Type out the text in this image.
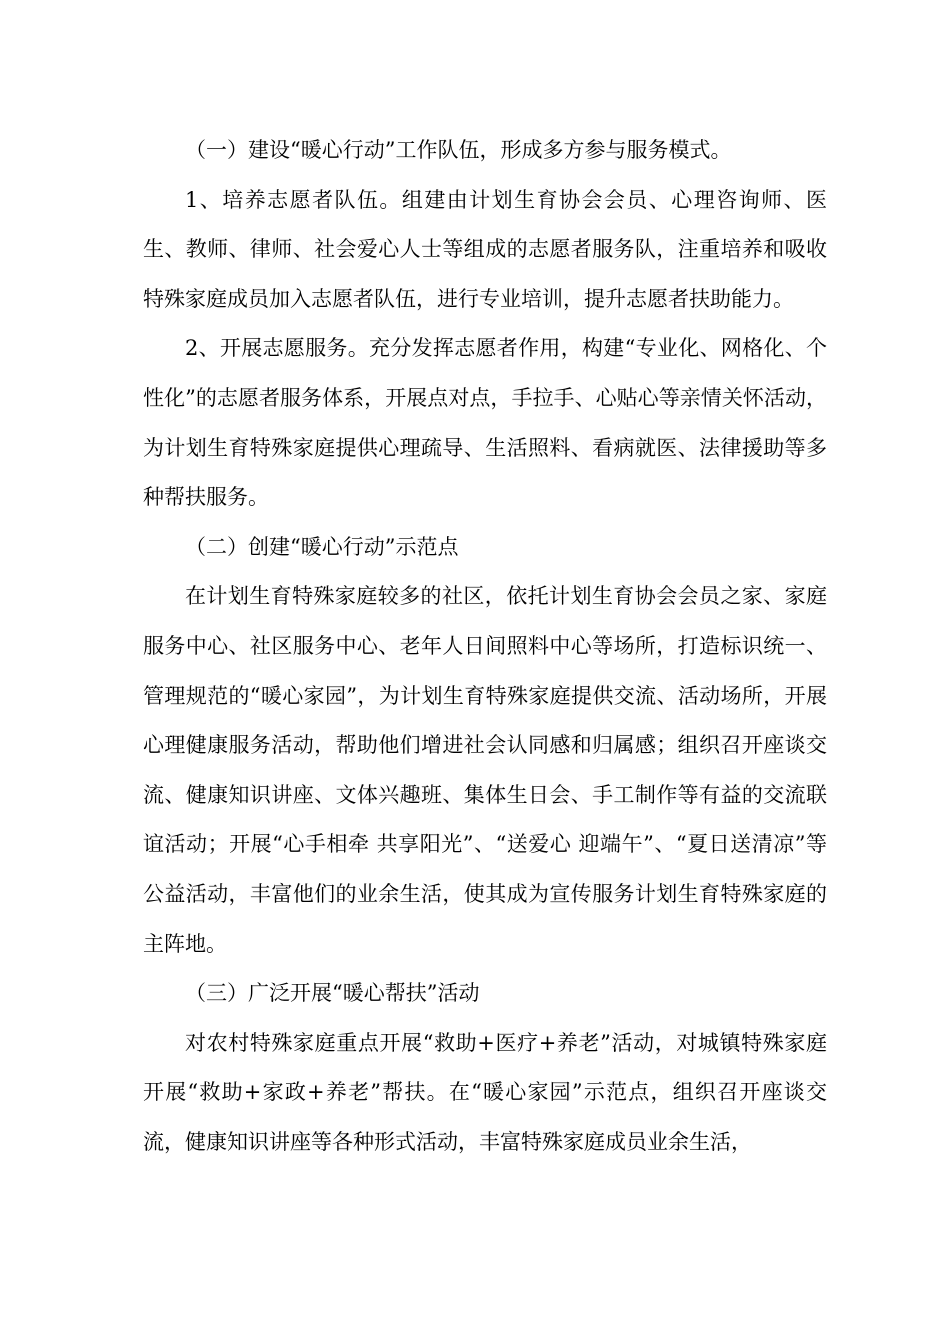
（一）建设“暖心行动”工作队伍，形成多方参与服务模式。

1、培养志愿者队伍。组建由计划生育协会会员、心理咨询师、医生、教师、律师、社会爱心人士等组成的志愿者服务队，注重培养和吸收特殊家庭成员加入志愿者队伍，进行专业培训，提升志愿者扶助能力。

2、开展志愿服务。充分发挥志愿者作用，构建“专业化、网格化、个性化”的志愿者服务体系，开展点对点，手拉手、心贴心等亲情关怀活动，为计划生育特殊家庭提供心理疏导、生活照料、看病就医、法律援助等多种帮扶服务。

（二）创建“暖心行动”示范点

在计划生育特殊家庭较多的社区，依托计划生育协会会员之家、家庭服务中心、社区服务中心、老年人日间照料中心等场所，打造标识统一、管理规范的“暖心家园”，为计划生育特殊家庭提供交流、活动场所，开展心理健康服务活动，帮助他们增进社会认同感和归属感；组织召开座谈交流、健康知识讲座、文体兴趣班、集体生日会、手工制作等有益的交流联谊活动；开展“心手相牵 共享阳光”、“送爱心 迎端午”、“夏日送清凉”等公益活动，丰富他们的业余生活，使其成为宣传服务计划生育特殊家庭的主阵地。

（三）广泛开展“暖心帮扶”活动

对农村特殊家庭重点开展“救助+医疗+养老”活动，对城镇特殊家庭开展“救助+家政+养老”帮扶。在“暖心家园”示范点，组织召开座谈交流，健康知识讲座等各种形式活动，丰富特殊家庭成员业余生活，
